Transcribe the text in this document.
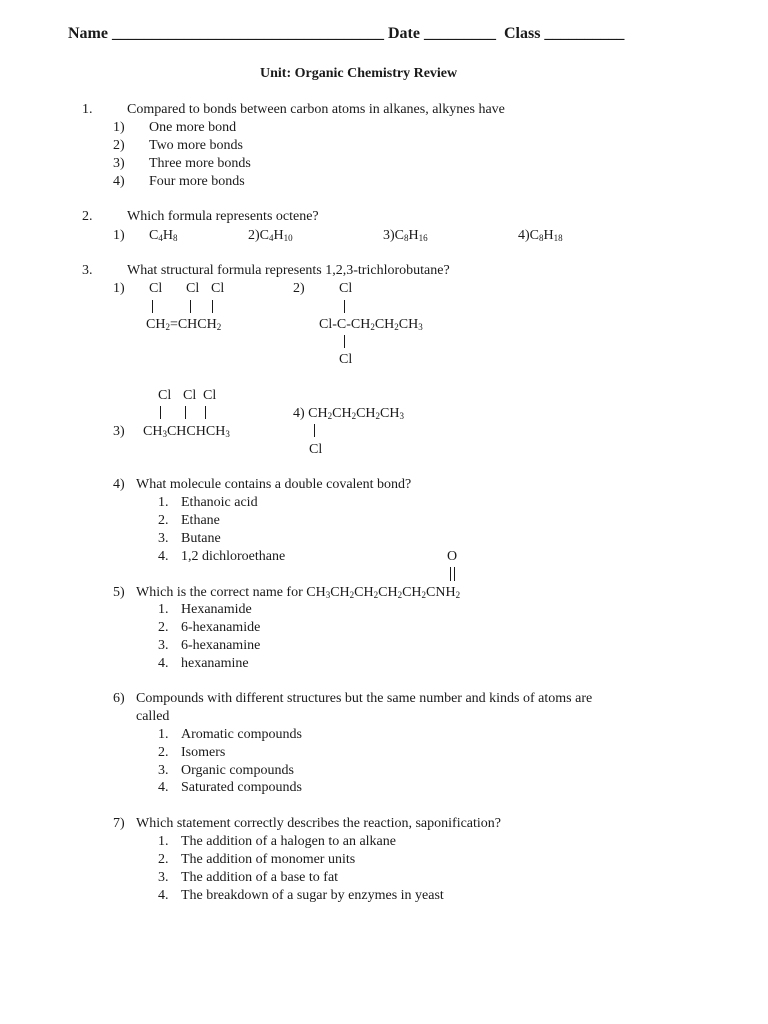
Name __________________________________ Date _________ Class __________
Unit: Organic Chemistry Review
1. Compared to bonds between carbon atoms in alkanes, alkynes have
1) One more bond
2) Two more bonds
3) Three more bonds
4) Four more bonds
2. Which formula represents octene?
1) $C_4H_8$	$2)C_4H_{10}$	$3)C_8H_{16}$	$4)C_8H_{18}$
3. What structural formula represents 1,2,3-trichlorobutane?
1) Cl Cl Cl
$CH_2=CHCH_2$
2) Cl
$Cl-C-CH_2CH_2CH_3$
Cl
Cl Cl Cl
3) $CH_3CHCHCH_3$
4) $CH_2CH_2CH_2CH_3$
Cl
4) What molecule contains a double covalent bond?
1. Ethanoic acid
2. Ethane
3. Butane
4. 1,2 dichloroethane	O
5) Which is the correct name for $CH_3CH_2CH_2CH_2CH_2CNH_2$
1. Hexanamide
2. 6-hexanamide
3. 6-hexanamine
4. hexanamine
6) Compounds with different structures but the same number and kinds of atoms are
called
1. Aromatic compounds
2. Isomers
3. Organic compounds
4. Saturated compounds
7) Which statement correctly describes the reaction, saponification?
1. The addition of a halogen to an alkane
2. The addition of monomer units
3. The addition of a base to fat
4. The breakdown of a sugar by enzymes in yeast
